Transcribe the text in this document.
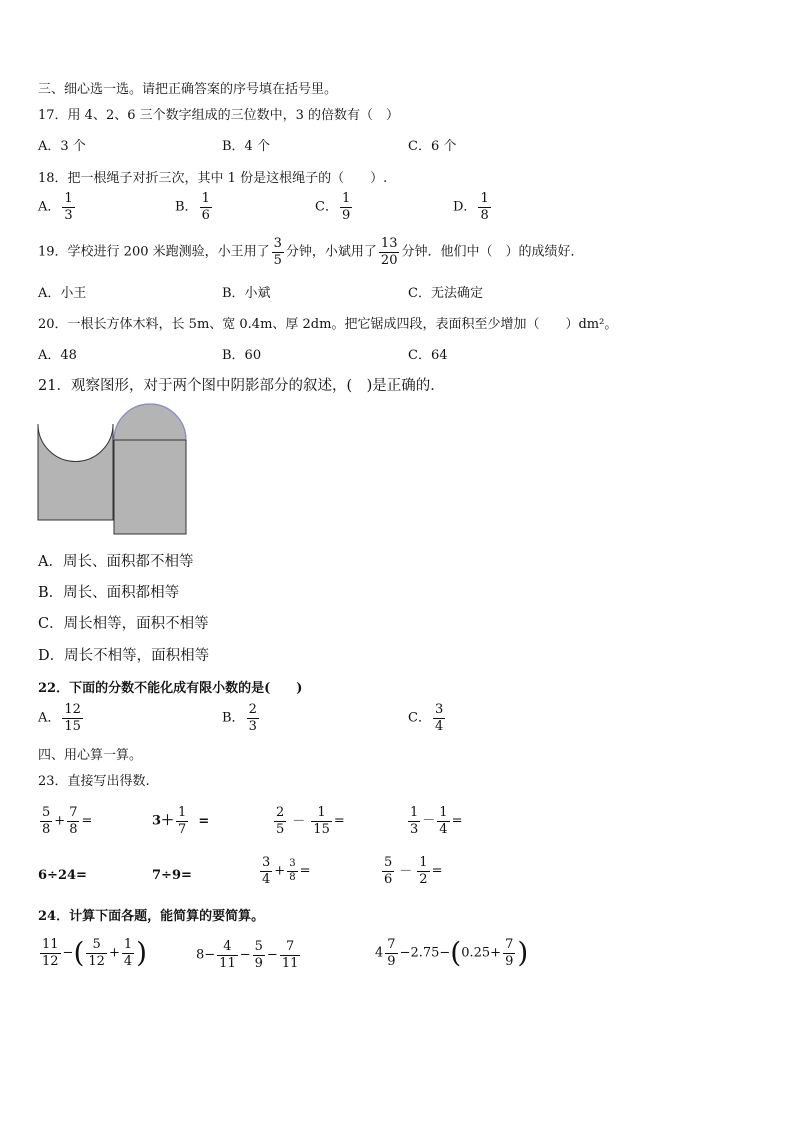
三、细心选一选。请把正确答案的序号填在括号里。
17．用 4、2、6 三个数字组成的三位数中，3 的倍数有（　）
A．3 个	B．4 个	C．6 个
18．把一根绳子对折三次，其中 1 份是这根绳子的（　　）.
A． $\frac{1}{3}$	B． $\frac{1}{6}$	C． $\frac{1}{9}$	D． $\frac{1}{8}$
19．学校进行 200 米跑测验，小王用了 $\frac{3}{5}$ 分钟，小斌用了 $\frac{13}{20}$ 分钟．他们中（　）的成绩好．
A．小王	B．小斌	C．无法确定
20．一根长方体木料，长 5m、宽 0.4m、厚 2dm。把它锯成四段，表面积至少增加（　　）dm²。
A．48	B．60	C．64
21．观察图形，对于两个图中阴影部分的叙述，(　)是正确的．
A．周长、面积都不相等
B．周长、面积都相等
C．周长相等，面积不相等
D．周长不相等，面积相等
22．下面的分数不能化成有限小数的是(　　)
A． $\frac{12}{15}$	B． $\frac{2}{3}$	C． $\frac{3}{4}$
四、用心算一算。
23．直接写出得数.
$\frac{5}{8} + \frac{7}{8}$ =	$3+ \frac{1}{7}$ =	$\frac{2}{5} - \frac{1}{15}$ =	$\frac{1}{3} - \frac{1}{4}$ =
6÷24=	7÷9=	$\frac{3}{4} + \frac{3}{8}$ =	$\frac{5}{6} - \frac{1}{2}$ =
24．计算下面各题，能简算的要简算。
$\frac{11}{12}$ −( $\frac{5}{12} + \frac{1}{4}$ )	$8- \frac{4}{11} - \frac{5}{9} - \frac{7}{11}$	$4 \frac{7}{9} -2.75-(0.25+ \frac{7}{9}$ )
